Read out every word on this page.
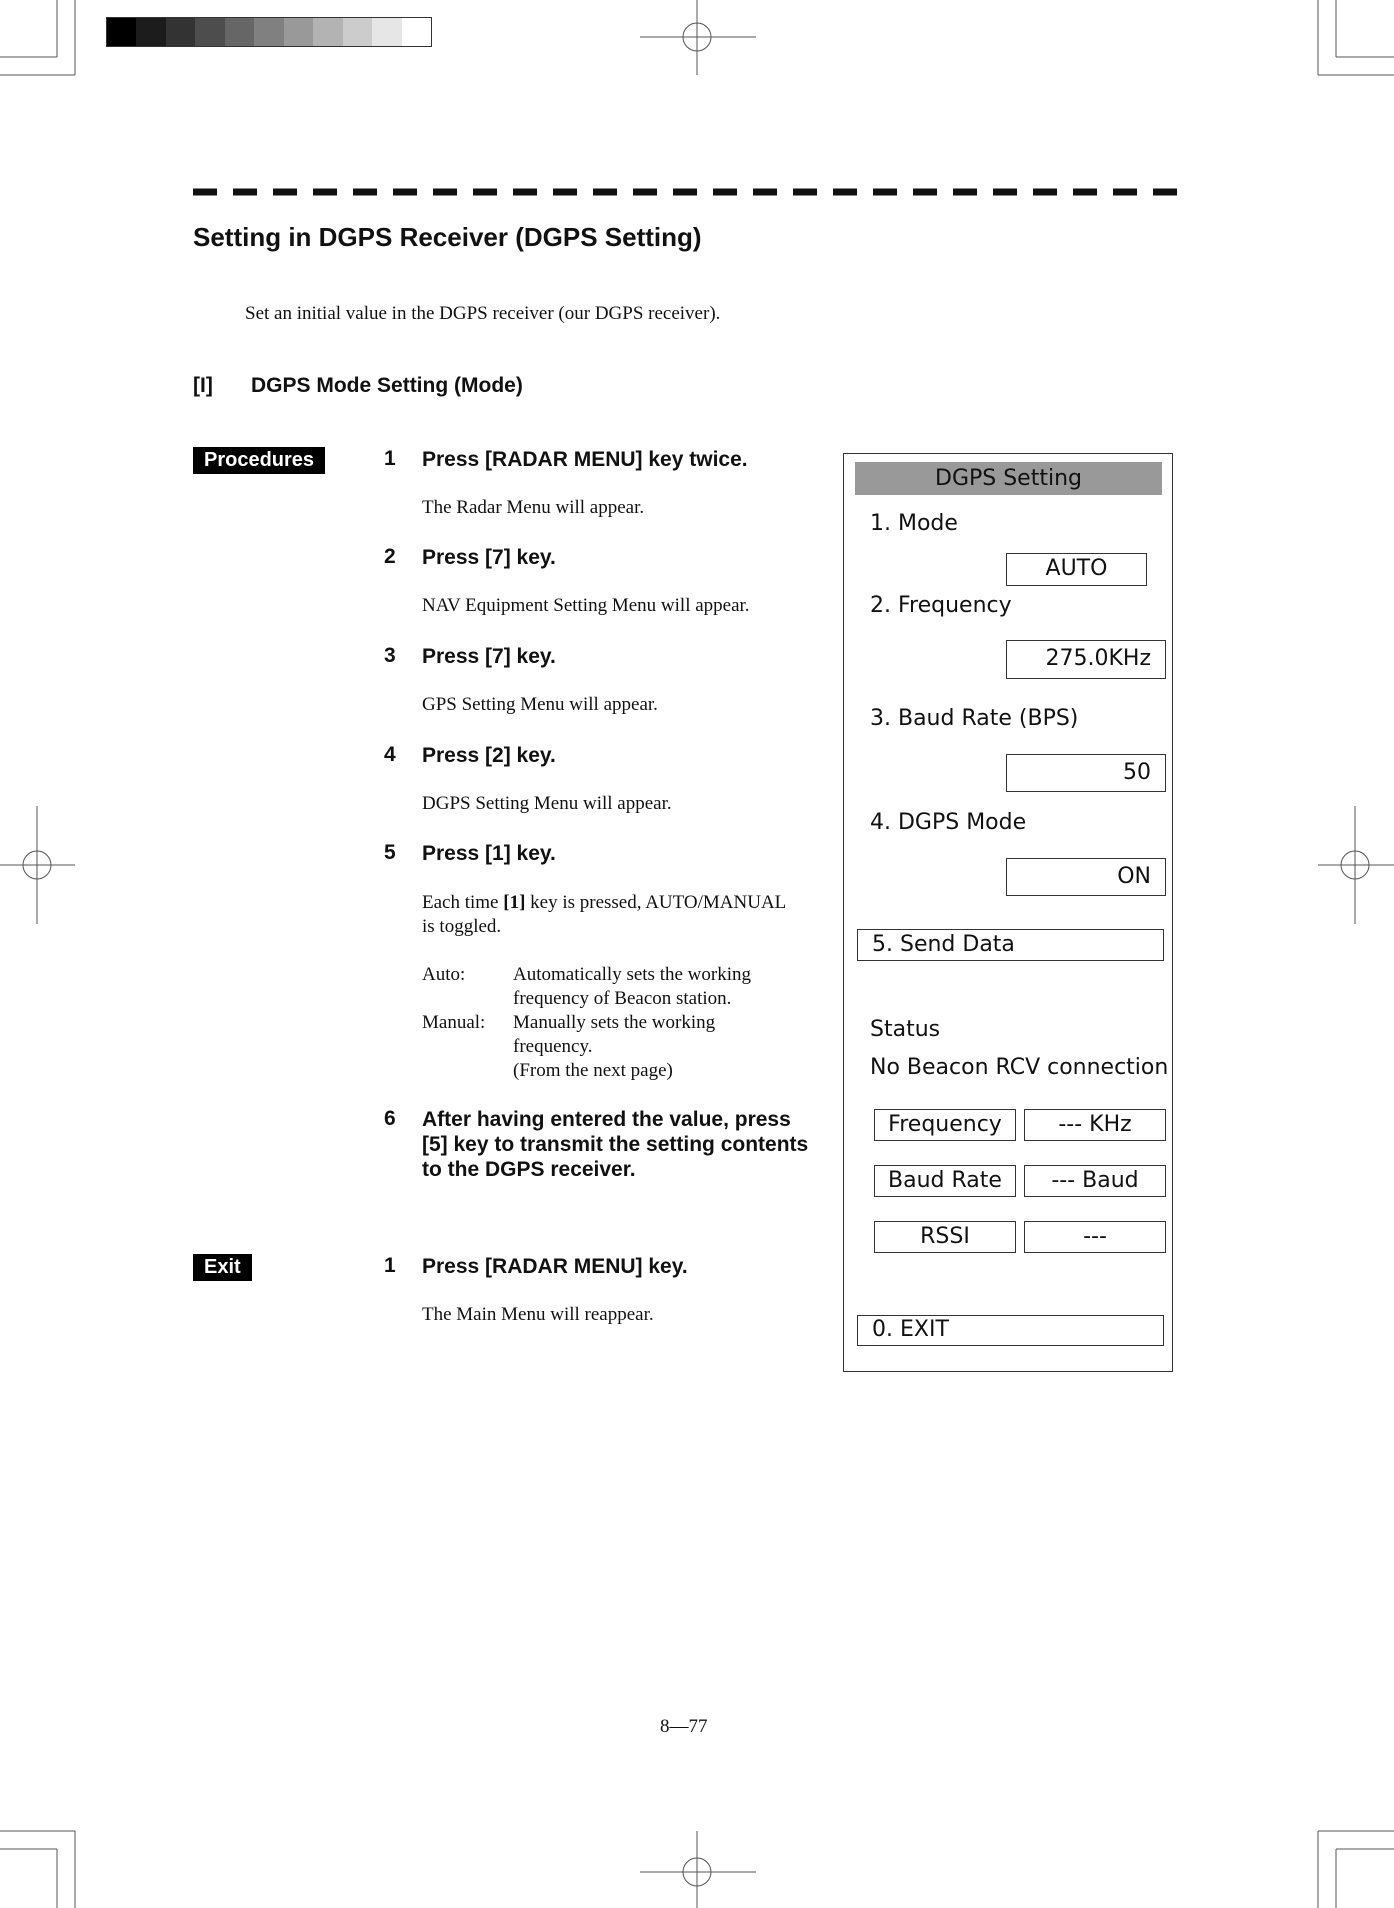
Setting in DGPS Receiver (DGPS Setting)
Set an initial value in the DGPS receiver (our DGPS receiver).
[I] DGPS Mode Setting (Mode)
Procedures	1 Press [RADAR MENU] key twice.
The Radar Menu will appear.
2 Press [7] key.
NAV Equipment Setting Menu will appear.
3 Press [7] key.
GPS Setting Menu will appear.
4 Press [2] key.
DGPS Setting Menu will appear.
5 Press [1] key.
Each time [1] key is pressed, AUTO/MANUAL
is toggled.
Auto:	Automatically sets the working
frequency of Beacon station.
Manual: Manually sets the working
frequency.
(From the next page)
6 After having entered the value, press
[5] key to transmit the setting contents
to the DGPS receiver.
Exit	1 Press [RADAR MENU] key.
The Main Menu will reappear.
DGPS Setting
1. Mode
AUTO
2. Frequency
275.0KHz
3. Baud Rate (BPS)
50
4. DGPS Mode
ON
5. Send Data
Status
No Beacon RCV connection
Frequency	--- KHz
Baud Rate	--- Baud
RSSI	---
0. EXIT
8—77
